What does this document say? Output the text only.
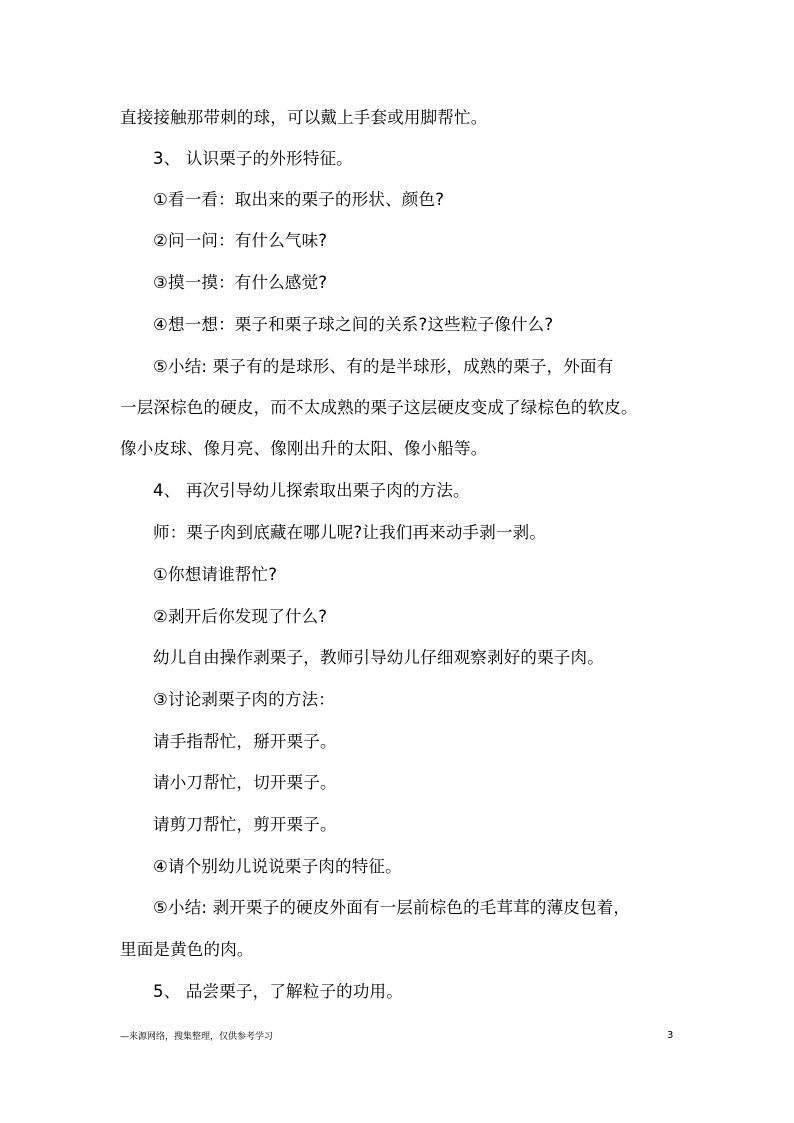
直接接触那带刺的球，可以戴上手套或用脚帮忙。
3、 认识栗子的外形特征。
①看一看：取出来的栗子的形状、颜色?
②问一问：有什么气味?
③摸一摸：有什么感觉?
④想一想：栗子和栗子球之间的关系?这些粒子像什么?
⑤小结: 栗子有的是球形、有的是半球形，成熟的栗子，外面有
一层深棕色的硬皮，而不太成熟的栗子这层硬皮变成了绿棕色的软皮。
像小皮球、像月亮、像刚出升的太阳、像小船等。
4、 再次引导幼儿探索取出栗子肉的方法。
师：栗子肉到底藏在哪儿呢?让我们再来动手剥一剥。
①你想请谁帮忙?
②剥开后你发现了什么?
幼儿自由操作剥栗子，教师引导幼儿仔细观察剥好的栗子肉。
③讨论剥栗子肉的方法：
请手指帮忙，掰开栗子。
请小刀帮忙，切开栗子。
请剪刀帮忙，剪开栗子。
④请个别幼儿说说栗子肉的特征。
⑤小结: 剥开栗子的硬皮外面有一层前棕色的毛茸茸的薄皮包着，
里面是黄色的肉。
5、 品尝栗子，了解粒子的功用。
—来源网络，搜集整理，仅供参考学习	3
